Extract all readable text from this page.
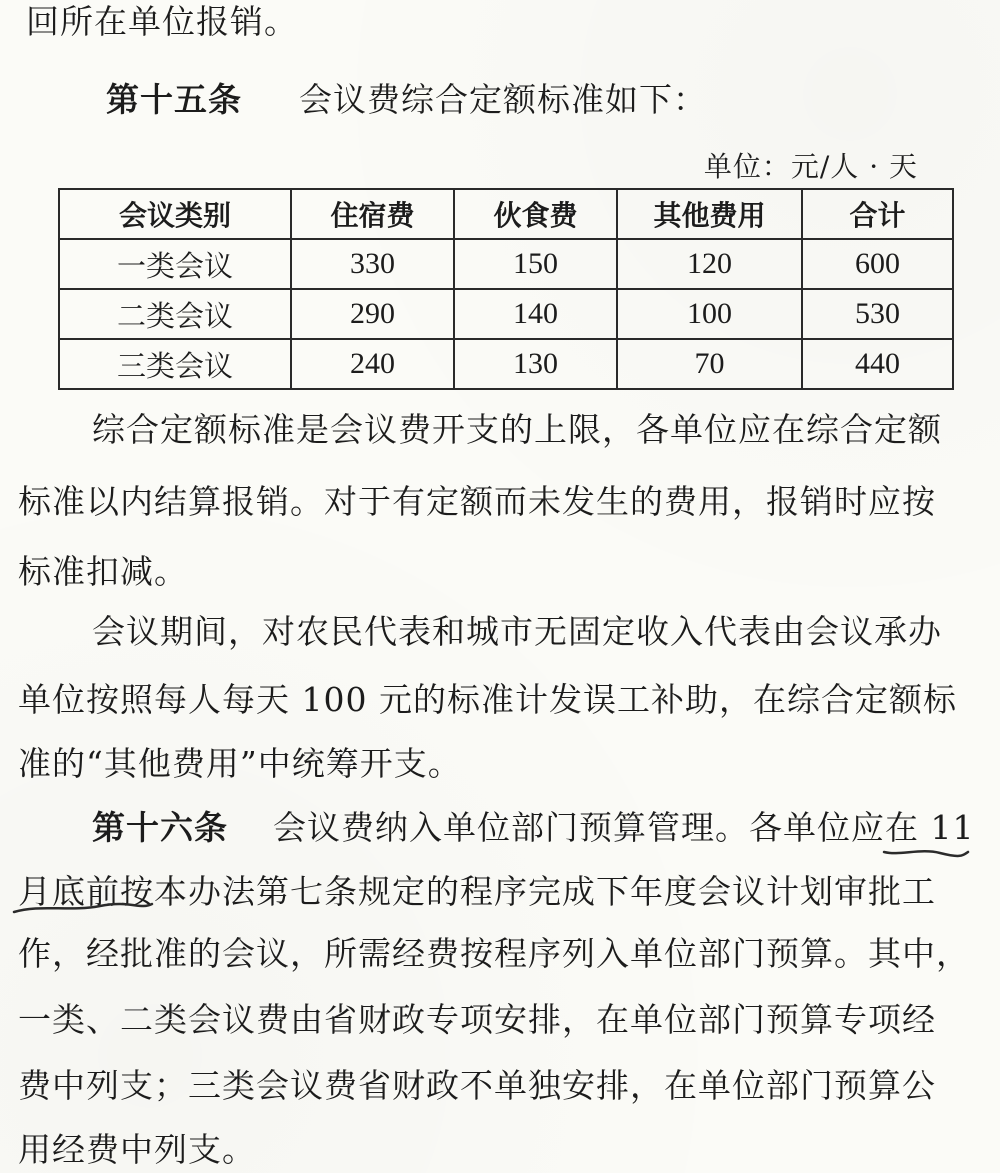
回所在单位报销。
第十五条 会议费综合定额标准如下：
单位：元/人 · 天
会议类别	住宿费	伙食费	其他费用	合计
一类会议	330	150	120	600
二类会议	290	140	100	530
三类会议	240	130	70	440
综合定额标准是会议费开支的上限，各单位应在综合定额
标准以内结算报销。对于有定额而未发生的费用，报销时应按
标准扣减。
会议期间，对农民代表和城市无固定收入代表由会议承办
单位按照每人每天 100 元的标准计发误工补助，在综合定额标
准的“其他费用”中统筹开支。
第十六条 会议费纳入单位部门预算管理。各单位应在 11
月底前按本办法第七条规定的程序完成下年度会议计划审批工
作，经批准的会议，所需经费按程序列入单位部门预算。其中，
一类、二类会议费由省财政专项安排，在单位部门预算专项经
费中列支；三类会议费省财政不单独安排，在单位部门预算公
用经费中列支。
